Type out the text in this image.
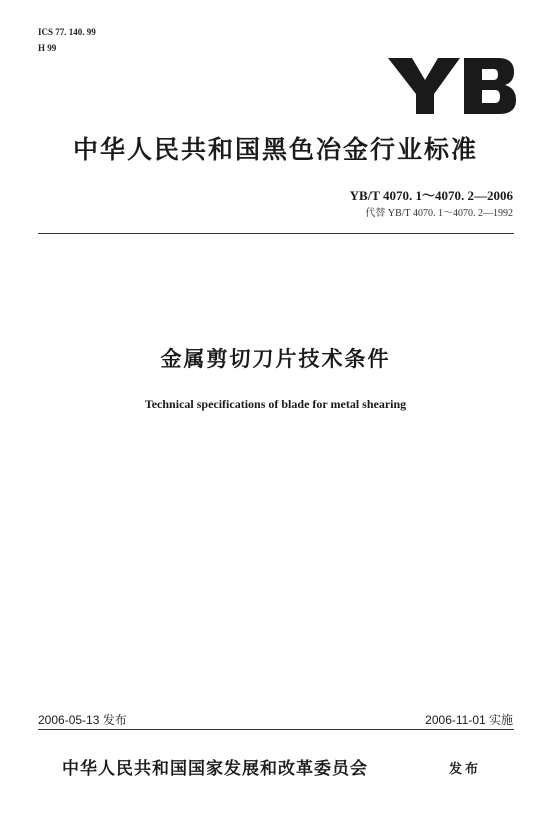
ICS 77. 140. 99
H 99
中华人民共和国黑色冶金行业标准
YB/T 4070. 1～4070. 2—2006
代替 YB/T 4070. 1～4070. 2—1992
金属剪切刀片技术条件
Technical specifications of blade for metal shearing
2006-05-13 发布	2006-11-01 实施
中华人民共和国国家发展和改革委员会	发布
